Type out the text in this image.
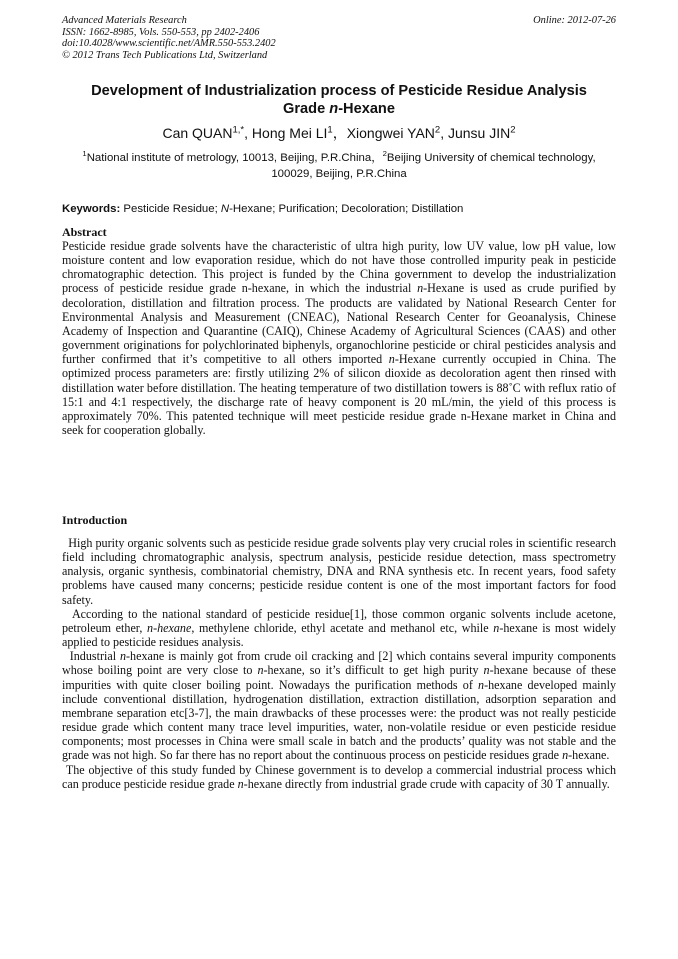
Advanced Materials Research
ISSN: 1662-8985, Vols. 550-553, pp 2402-2406
doi:10.4028/www.scientific.net/AMR.550-553.2402
© 2012 Trans Tech Publications Ltd, Switzerland
Online: 2012-07-26
Development of Industrialization process of Pesticide Residue Analysis
Grade n-Hexane
Can $QUAN^{1,*}$, Hong Mei $LI^1$，Xiongwei YAN$^2$, Junsu JIN$^2$
$^1$National institute of metrology, 10013, Beijing, P.R.China，$^2$Beijing University of chemical technology, 100029, Beijing, P.R.China
Keywords: Pesticide Residue; N-Hexane; Purification; Decoloration; Distillation
Abstract
Pesticide residue grade solvents have the characteristic of ultra high purity, low UV value, low pH value, low moisture content and low evaporation residue, which do not have those controlled impurity peak in pesticide chromatographic detection. This project is funded by the China government to develop the industrialization process of pesticide residue grade n-hexane, in which the industrial n-Hexane is used as crude purified by decoloration, distillation and filtration process. The products are validated by National Research Center for Environmental Analysis and Measurement (CNEAC), National Research Center for Geoanalysis, Chinese Academy of Inspection and Quarantine (CAIQ), Chinese Academy of Agricultural Sciences (CAAS) and other government originations for polychlorinated biphenyls, organochlorine pesticide or chiral pesticides analysis and further confirmed that it’s competitive to all others imported n-Hexane currently occupied in China. The optimized process parameters are: firstly utilizing 2% of silicon dioxide as decoloration agent then rinsed with distillation water before distillation. The heating temperature of two distillation towers is 88˚C with reflux ratio of 15:1 and 4:1 respectively, the discharge rate of heavy component is 20 mL/min, the yield of this process is approximately 70%. This patented technique will meet pesticide residue grade n-Hexane market in China and seek for cooperation globally.
Introduction

High purity organic solvents such as pesticide residue grade solvents play very crucial roles in scientific research field including chromatographic analysis, spectrum analysis, pesticide residue detection, mass spectrometry analysis, organic synthesis, combinatorial chemistry, DNA and RNA synthesis etc. In recent years, food safety problems have caused many concerns; pesticide residue content is one of the most important factors for food safety.

According to the national standard of pesticide residue[1], those common organic solvents include acetone, petroleum ether, n-hexane, methylene chloride, ethyl acetate and methanol etc, while n-hexane is most widely applied to pesticide residues analysis.

Industrial n-hexane is mainly got from crude oil cracking and [2] which contains several impurity components whose boiling point are very close to n-hexane, so it’s difficult to get high purity n-hexane because of these impurities with quite closer boiling point. Nowadays the purification methods of n-hexane developed mainly include conventional distillation, hydrogenation distillation, extraction distillation, adsorption separation and membrane separation etc[3-7], the main drawbacks of these processes were: the product was not really pesticide residue grade which content many trace level impurities, water, non-volatile residue or even pesticide residue components; most processes in China were small scale in batch and the products’ quality was not stable and the grade was not high. So far there has no report about the continuous process on pesticide residues grade n-hexane.

The objective of this study funded by Chinese government is to develop a commercial industrial process which can produce pesticide residue grade n-hexane directly from industrial grade crude with capacity of 30 T annually.
